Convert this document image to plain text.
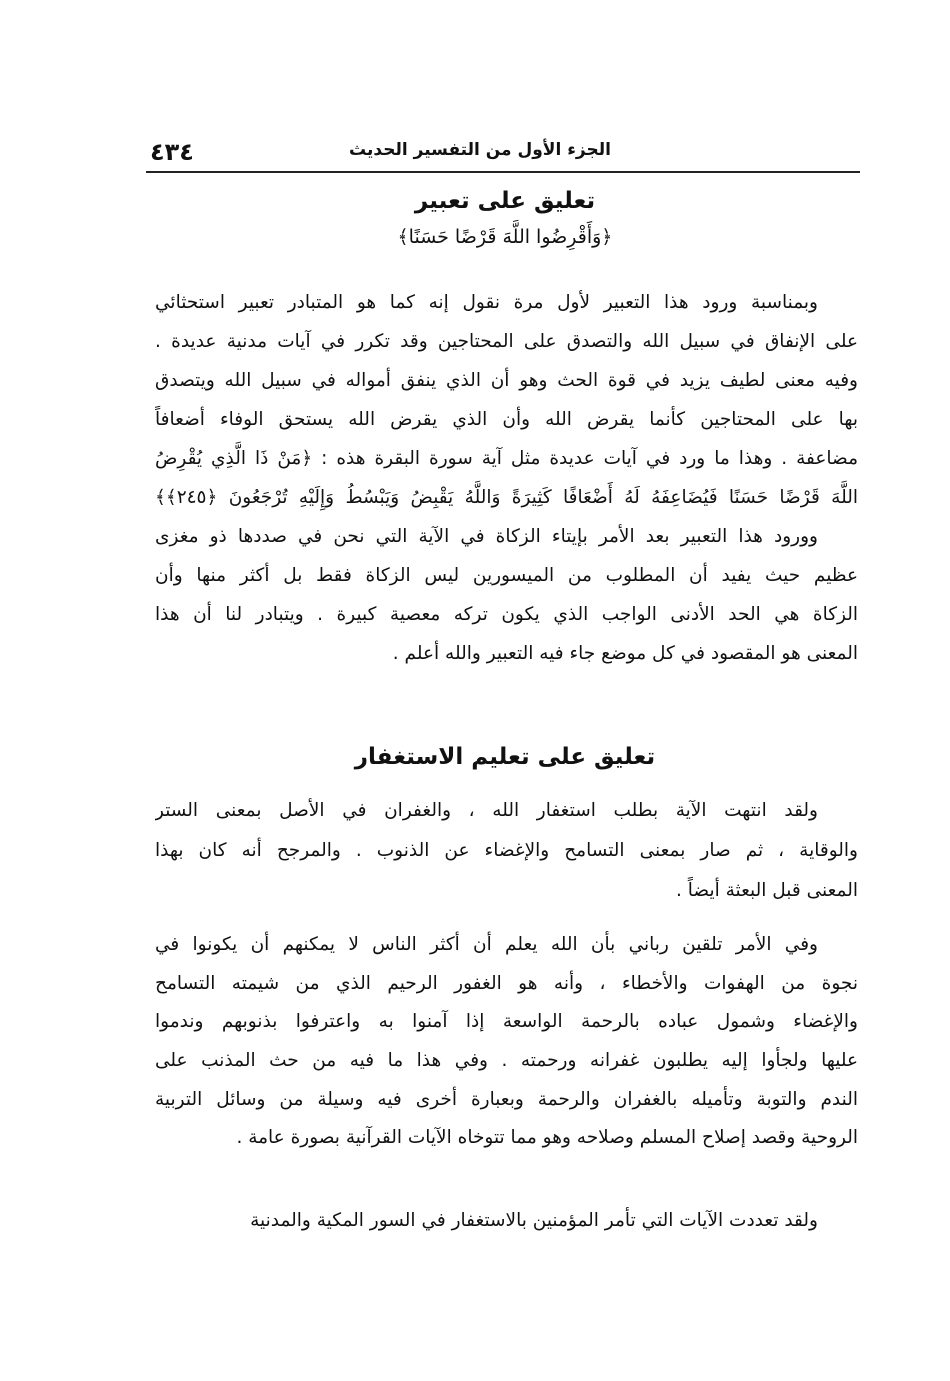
٤٣٤	الجزء الأول من التفسير الحديث
تعليق على تعبير
﴿وَأَقْرِضُوا اللَّهَ قَرْضًا حَسَنًا﴾
وبمناسبة ورود هذا التعبير لأول مرة نقول إنه كما هو المتبادر تعبير استحثائي
على الإنفاق في سبيل الله والتصدق على المحتاجين وقد تكرر في آيات مدنية عديدة .
وفيه معنى لطيف يزيد في قوة الحث وهو أن الذي ينفق أمواله في سبيل الله ويتصدق
بها على المحتاجين كأنما يقرض الله وأن الذي يقرض الله يستحق الوفاء أضعافاً
مضاعفة . وهذا ما ورد في آيات عديدة مثل آية سورة البقرة هذه : ﴿مَنْ ذَا الَّذِي يُقْرِضُ
اللَّهَ قَرْضًا حَسَنًا فَيُضَاعِفَهُ لَهُ أَضْعَافًا كَثِيرَةً وَاللَّهُ يَقْبِضُ وَيَبْسُطُ وَإِلَيْهِ تُرْجَعُونَ ﴿٢٤٥﴾﴾
وورود هذا التعبير بعد الأمر بإيتاء الزكاة في الآية التي نحن في صددها ذو مغزى
عظيم حيث يفيد أن المطلوب من الميسورين ليس الزكاة فقط بل أكثر منها وأن
الزكاة هي الحد الأدنى الواجب الذي يكون تركه معصية كبيرة . ويتبادر لنا أن هذا
المعنى هو المقصود في كل موضع جاء فيه التعبير والله أعلم .
تعليق على تعليم الاستغفار
ولقد انتهت الآية بطلب استغفار الله ، والغفران في الأصل بمعنى الستر
والوقاية ، ثم صار بمعنى التسامح والإغضاء عن الذنوب . والمرجح أنه كان بهذا
المعنى قبل البعثة أيضاً .
وفي الأمر تلقين رباني بأن الله يعلم أن أكثر الناس لا يمكنهم أن يكونوا في
نجوة من الهفوات والأخطاء ، وأنه هو الغفور الرحيم الذي من شيمته التسامح
والإغضاء وشمول عباده بالرحمة الواسعة إذا آمنوا به واعترفوا بذنوبهم وندموا
عليها ولجأوا إليه يطلبون غفرانه ورحمته . وفي هذا ما فيه من حث المذنب على
الندم والتوبة وتأميله بالغفران والرحمة وبعبارة أخرى فيه وسيلة من وسائل التربية
الروحية وقصد إصلاح المسلم وصلاحه وهو مما تتوخاه الآيات القرآنية بصورة عامة .
ولقد تعددت الآيات التي تأمر المؤمنين بالاستغفار في السور المكية والمدنية
